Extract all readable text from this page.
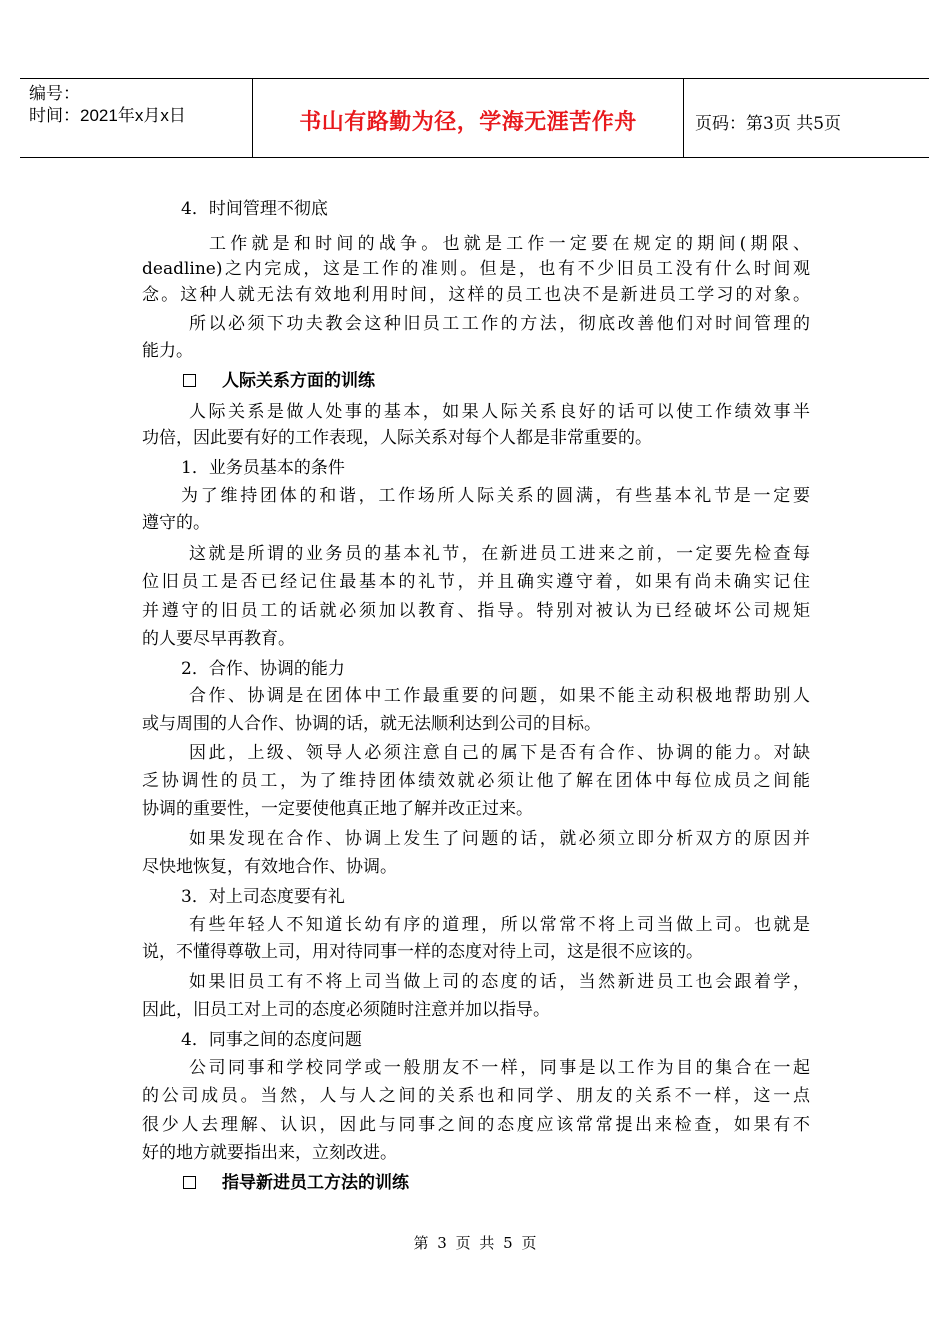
编号：
时间：2021年x月x日	书山有路勤为径，学海无涯苦作舟	页码：第3页 共5页
4．时间管理不彻底
工作就是和时间的战争。也就是工作一定要在规定的期间(期限、
deadline)之内完成，这是工作的准则。但是，也有不少旧员工没有什么时间观
念。这种人就无法有效地利用时间，这样的员工也决不是新进员工学习的对象。
所以必须下功夫教会这种旧员工工作的方法，彻底改善他们对时间管理的
能力。
人际关系方面的训练
人际关系是做人处事的基本，如果人际关系良好的话可以使工作绩效事半
功倍，因此要有好的工作表现，人际关系对每个人都是非常重要的。
1．业务员基本的条件
为了维持团体的和谐，工作场所人际关系的圆满，有些基本礼节是一定要
遵守的。
这就是所谓的业务员的基本礼节，在新进员工进来之前，一定要先检查每
位旧员工是否已经记住最基本的礼节，并且确实遵守着，如果有尚未确实记住
并遵守的旧员工的话就必须加以教育、指导。特别对被认为已经破坏公司规矩
的人要尽早再教育。
2．合作、协调的能力
合作、协调是在团体中工作最重要的问题，如果不能主动积极地帮助别人
或与周围的人合作、协调的话，就无法顺利达到公司的目标。
因此，上级、领导人必须注意自己的属下是否有合作、协调的能力。对缺
乏协调性的员工，为了维持团体绩效就必须让他了解在团体中每位成员之间能
协调的重要性，一定要使他真正地了解并改正过来。
如果发现在合作、协调上发生了问题的话，就必须立即分析双方的原因并
尽快地恢复，有效地合作、协调。
3．对上司态度要有礼
有些年轻人不知道长幼有序的道理，所以常常不将上司当做上司。也就是
说，不懂得尊敬上司，用对待同事一样的态度对待上司，这是很不应该的。
如果旧员工有不将上司当做上司的态度的话，当然新进员工也会跟着学，
因此，旧员工对上司的态度必须随时注意并加以指导。
4．同事之间的态度问题
公司同事和学校同学或一般朋友不一样，同事是以工作为目的集合在一起
的公司成员。当然，人与人之间的关系也和同学、朋友的关系不一样，这一点
很少人去理解、认识，因此与同事之间的态度应该常常提出来检查，如果有不
好的地方就要指出来，立刻改进。
指导新进员工方法的训练
第 3 页 共 5 页
